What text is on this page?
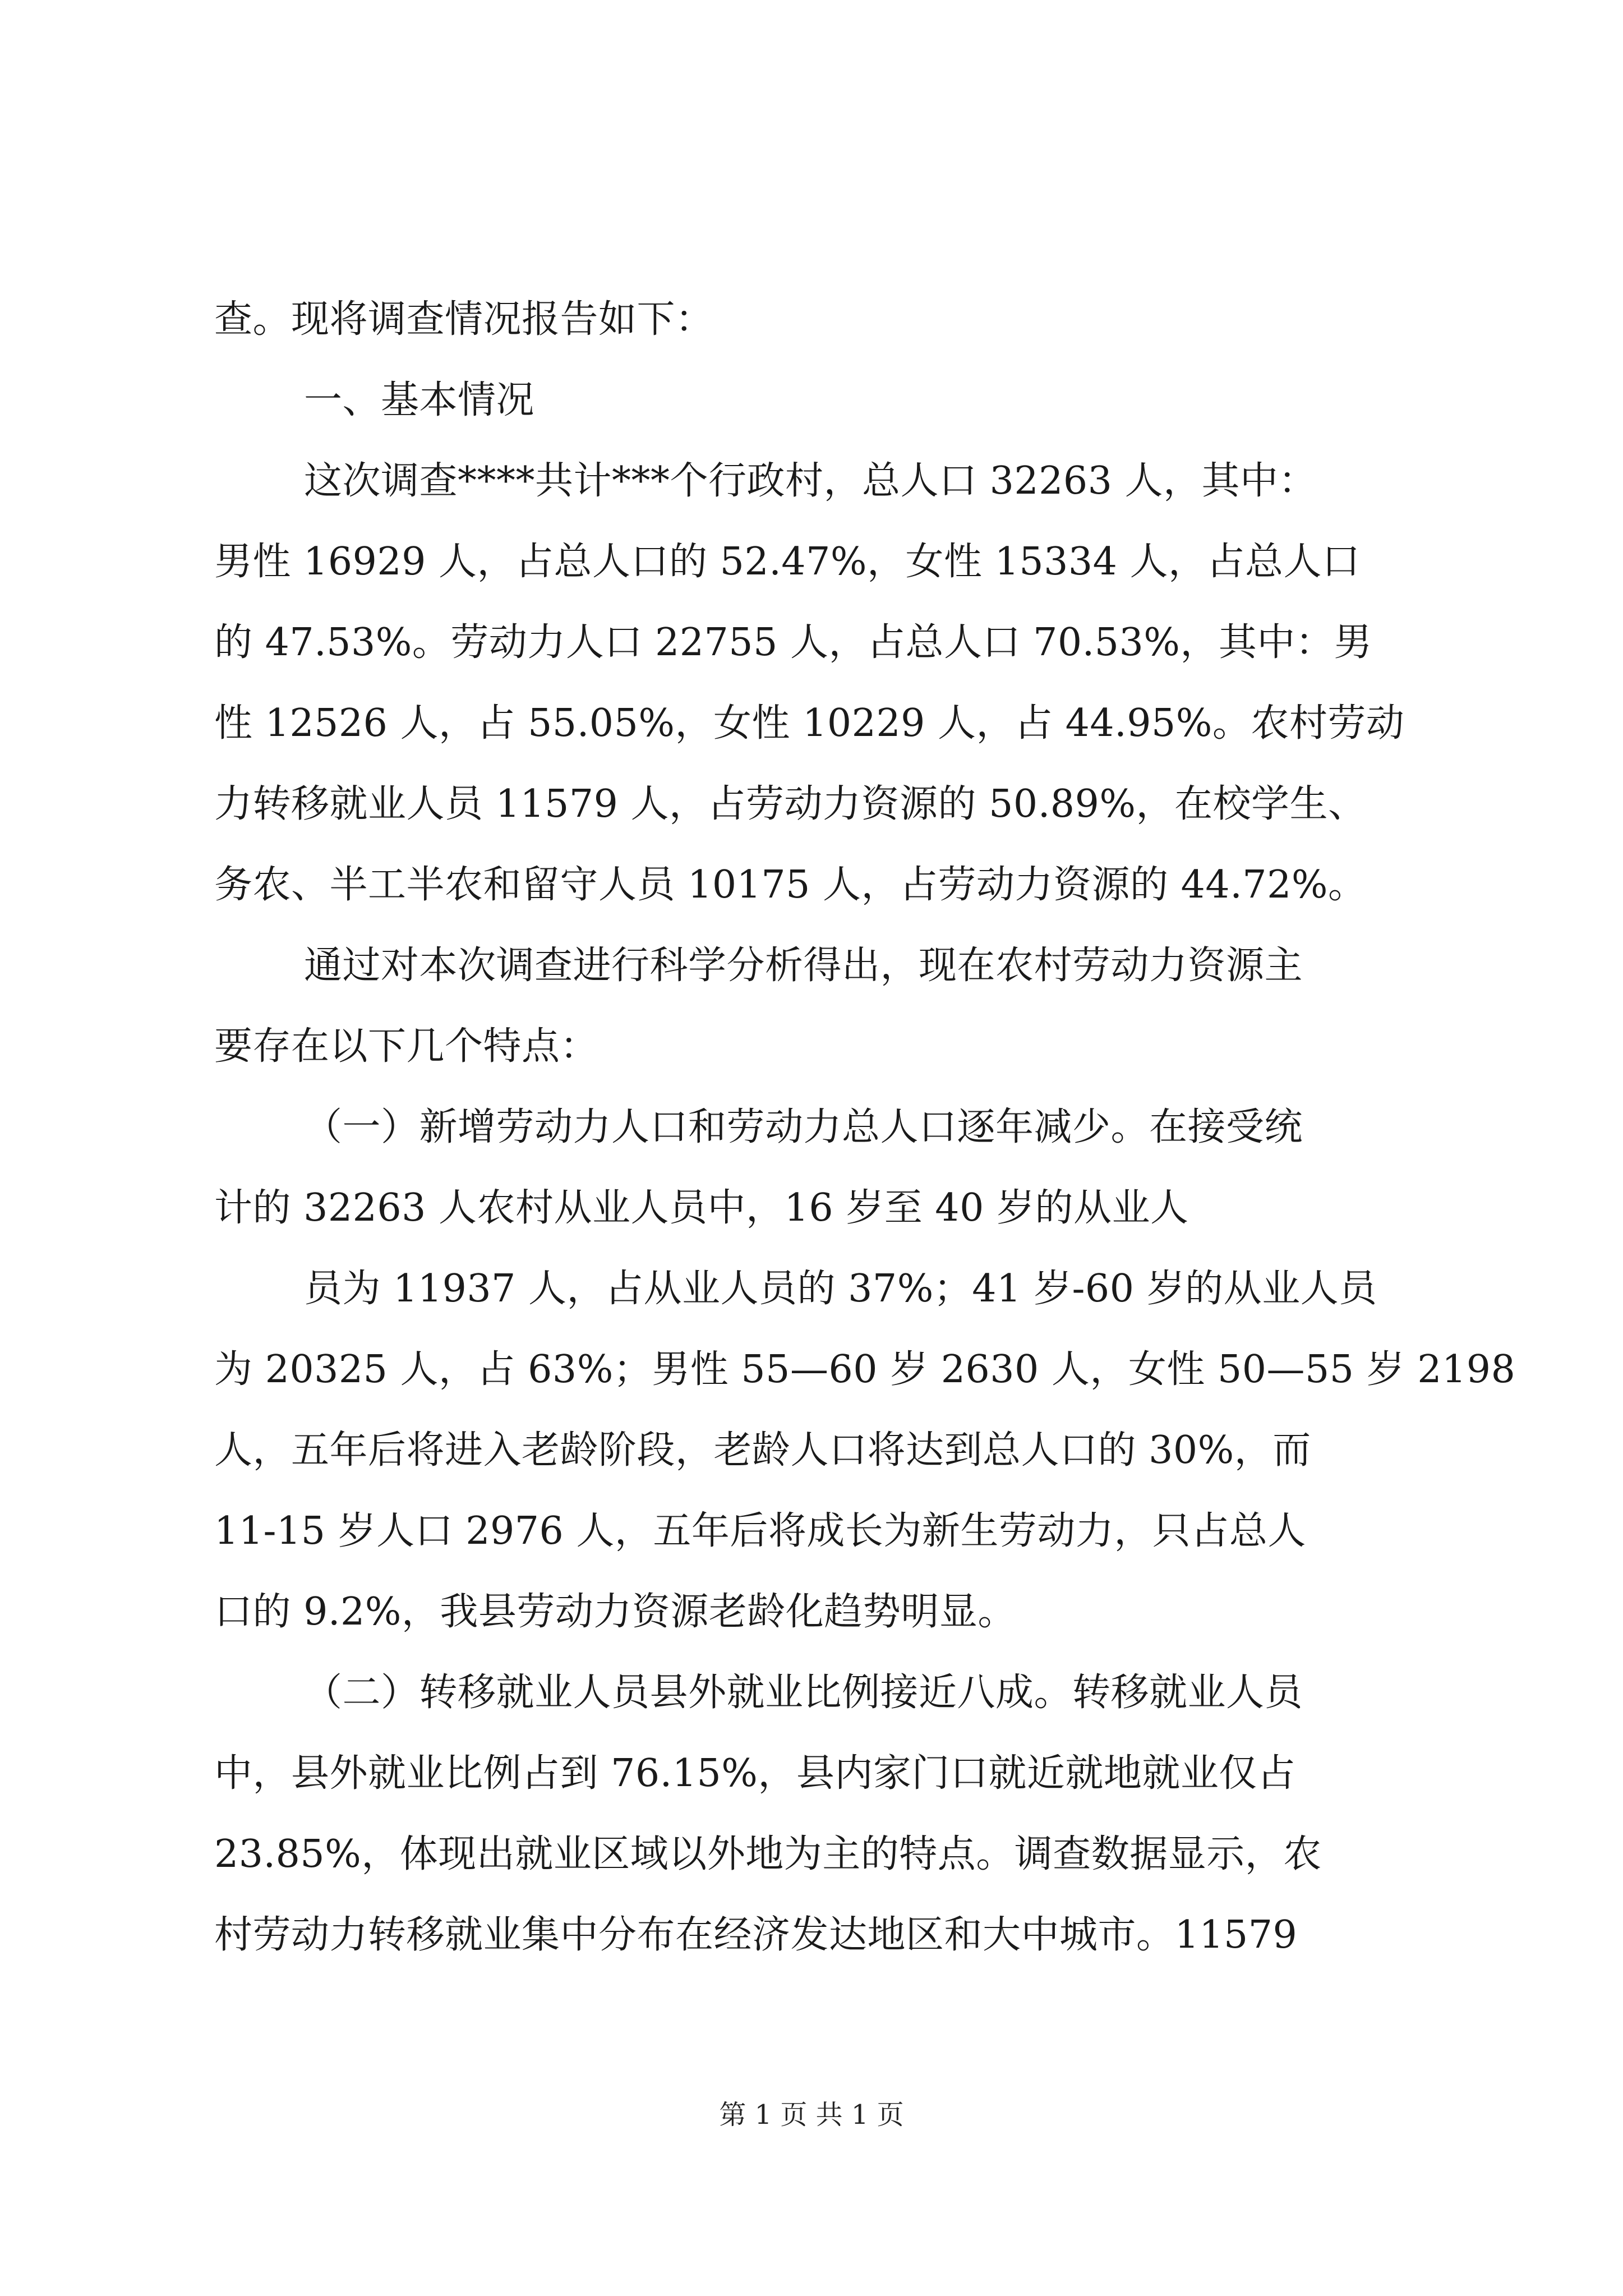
查。现将调查情况报告如下：
一、基本情况
这次调查****共计***个行政村，总人口 32263 人，其中：
男性 16929 人，占总人口的 52.47%，女性 15334 人，占总人口
的 47.53%。劳动力人口 22755 人，占总人口 70.53%，其中：男
性 12526 人，占 55.05%，女性 10229 人，占 44.95%。农村劳动
力转移就业人员 11579 人，占劳动力资源的 50.89%，在校学生、
务农、半工半农和留守人员 10175 人，占劳动力资源的 44.72%。
通过对本次调查进行科学分析得出，现在农村劳动力资源主
要存在以下几个特点：
（一）新增劳动力人口和劳动力总人口逐年减少。在接受统
计的 32263 人农村从业人员中，16 岁至 40 岁的从业人
员为 11937 人，占从业人员的 37%；41 岁-60 岁的从业人员
为 20325 人，占 63%；男性 55—60 岁 2630 人，女性 50—55 岁 2198
人，五年后将进入老龄阶段，老龄人口将达到总人口的 30%，而
11-15 岁人口 2976 人，五年后将成长为新生劳动力，只占总人
口的 9.2%，我县劳动力资源老龄化趋势明显。
（二）转移就业人员县外就业比例接近八成。转移就业人员
中，县外就业比例占到 76.15%，县内家门口就近就地就业仅占
23.85%，体现出就业区域以外地为主的特点。调查数据显示，农
村劳动力转移就业集中分布在经济发达地区和大中城市。11579
第 1 页 共 1 页
